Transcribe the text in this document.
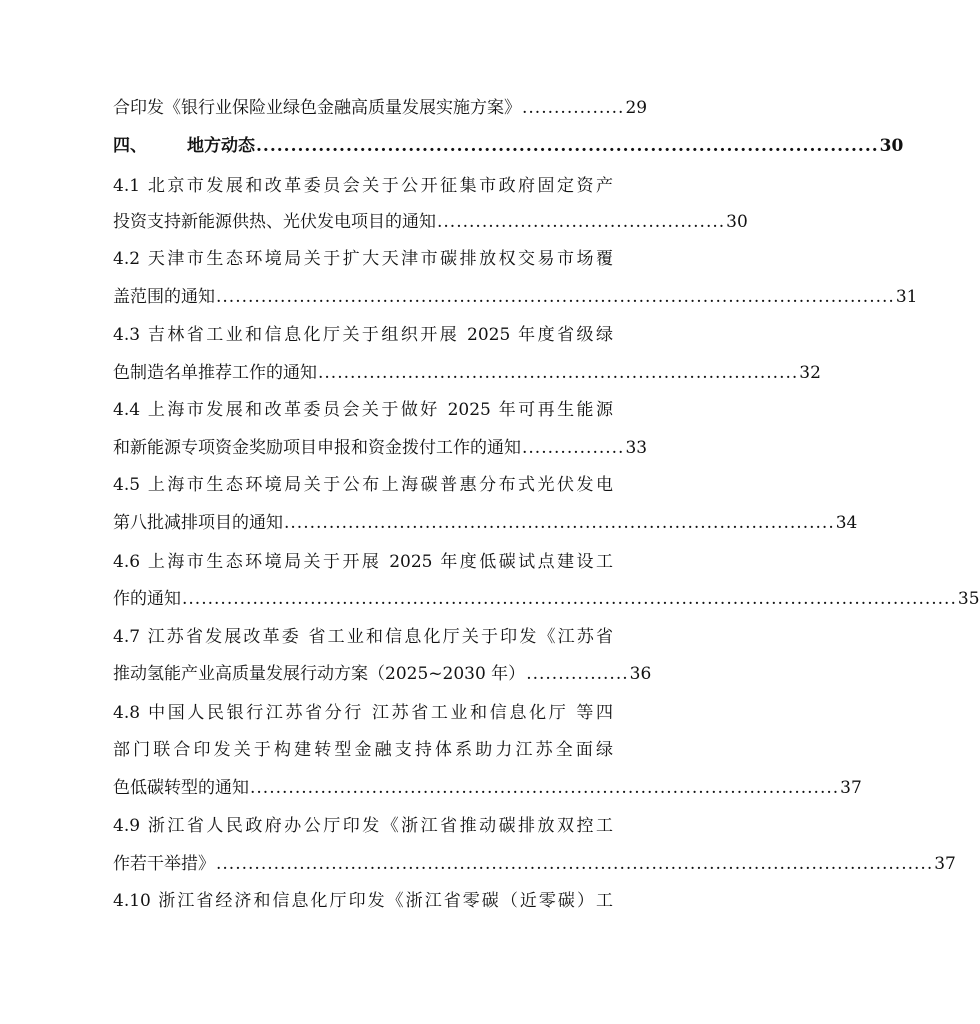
合印发《银行业保险业绿色金融高质量发展实施方案》 ................ 29
四、 地方动态 .......................................................................................... 30
4.1 北京市发展和改革委员会关于公开征集市政府固定资产
投资支持新能源供热、光伏发电项目的通知 ............................................. 30
4.2 天津市生态环境局关于扩大天津市碳排放权交易市场覆
盖范围的通知 .......................................................................................................... 31
4.3 吉林省工业和信息化厅关于组织开展 2025 年度省级绿
色制造名单推荐工作的通知 ........................................................................... 32
4.4 上海市发展和改革委员会关于做好 2025 年可再生能源
和新能源专项资金奖励项目申报和资金拨付工作的通知 ................ 33
4.5 上海市生态环境局关于公布上海碳普惠分布式光伏发电
第八批减排项目的通知 ...................................................................................... 34
4.6 上海市生态环境局关于开展 2025 年度低碳试点建设工
作的通知 ......................................................................................................................... 35
4.7 江苏省发展改革委 省工业和信息化厅关于印发《江苏省
推动氢能产业高质量发展行动方案（2025~2030 年） ................ 36
4.8 中国人民银行江苏省分行 江苏省工业和信息化厅 等四
部门联合印发关于构建转型金融支持体系助力江苏全面绿
色低碳转型的通知 ............................................................................................ 37
4.9 浙江省人民政府办公厅印发《浙江省推动碳排放双控工
作若干举措》 ................................................................................................................ 37
4.10 浙江省经济和信息化厅印发《浙江省零碳（近零碳）工
